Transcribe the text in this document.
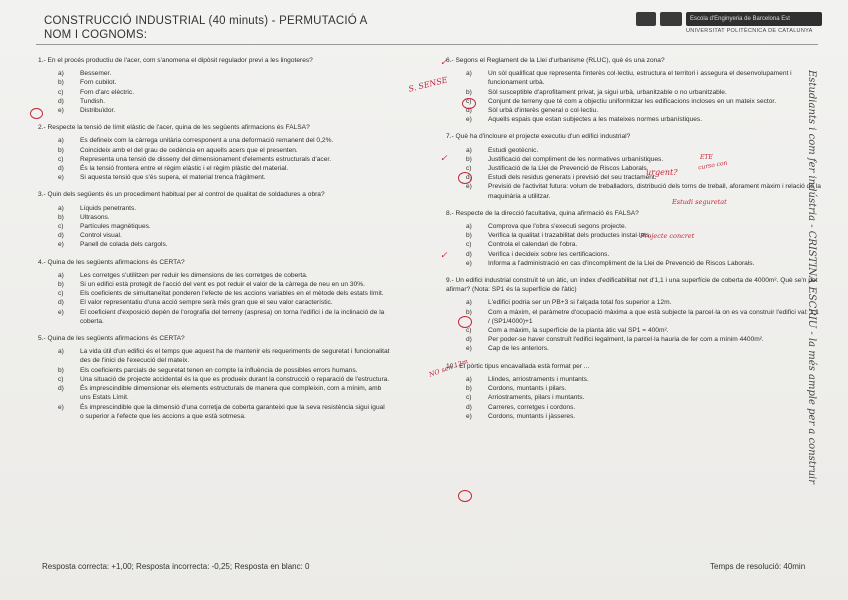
CONSTRUCCIÓ INDUSTRIAL (40 minuts) - PERMUTACIÓ A
NOM I COGNOMS:
Escola d'Enginyeria de Barcelona Est
UNIVERSITAT POLITÈCNICA DE CATALUNYA
1.- En el procés productiu de l'acer, com s'anomena el dipòsit regulador previ a les lingoteres?
a)	Bessemer.
b)	Forn cubilot.
c)	Forn d'arc elèctric.
d)	Tundish.
e)	Distribuïdor.
2.- Respecte la tensió de límit elàstic de l'acer, quina de les següents afirmacions és FALSA?
a)	Es defineix com la càrrega unitària corresponent a una deformació remanent del 0,2%.
b)	Coincideix amb el del grau de cedència en aquells acers que el presenten.
c)	Representa una tensió de disseny del dimensionament d'elements estructurals d'acer.
d)	És la tensió frontera entre el règim elàstic i el règim plàstic del material.
e)	Si aquesta tensió que s'és supera, el material trenca fràgilment.
3.- Quin dels següents és un procediment habitual per al control de qualitat de soldadures a obra?
a)	Líquids penetrants.
b)	Ultrasons.
c)	Partícules magnètiques.
d)	Control visual.
e)	Panell de colada dels cargols.
4.- Quina de les següents afirmacions és CERTA?
a)	Les corretges s'utilitzen per reduir les dimensions de les corretges de coberta.
b)	Si un edifici està protegit de l'acció del vent es pot reduir el valor de la càrrega de neu en un 30%.
c)	Els coeficients de simultaneïtat ponderen l'efecte de les accions variables en el mètode dels estats límit.
d)	El valor representatiu d'una acció sempre serà més gran que el seu valor característic.
e)	El coeficient d'exposició depèn de l'orografia del terreny (aspresa) on torna l'edifici i de la inclinació de la coberta.
5.- Quina de les següents afirmacions és CERTA?
a)	La vida útil d'un edifici és el temps que aquest ha de mantenir els requeriments de seguretat i funcionalitat des de l'inici de l'execució del mateix.
b)	Els coeficients parcials de seguretat tenen en compte la influència de possibles errors humans.
c)	Una situació de projecte accidental és la que es produeix durant la construcció o reparació de l'estructura.
d)	És imprescindible dimensionar els elements estructurals de manera que compleixin, com a mínim, amb uns Estats Límit.
e)	És imprescindible que la dimensió d'una corretja de coberta garanteixi que la seva resistència sigui igual o superior a l'efecte que les accions a que està sotmesa.
6.- Segons el Reglament de la Llei d'urbanisme (RLUC), què és una zona?
a)	Un sòl qualificat que representa l'interès col·lectiu, estructura el territori i assegura el desenvolupament i funcionament urbà.
b)	Sòl susceptible d'aprofitament privat, ja sigui urbà, urbanitzable o no urbanitzable.
c)	Conjunt de terreny que té com a objectiu uniformitzar les edificacions incloses en un mateix sector.
d)	Sòl urbà d'interès general o col·lectiu.
e)	Aquells espais que estan subjectes a les mateixes normes urbanístiques.
7.- Què ha d'incloure el projecte executiu d'un edifici industrial?
a)	Estudi geotècnic.
b)	Justificació del compliment de les normatives urbanístiques.
c)	Justificació de la Llei de Prevenció de Riscos Laborals.
d)	Estudi dels residus generats i previsió del seu tractament.
e)	Previsió de l'activitat futura: volum de treballadors, distribució dels torns de treball, aforament màxim i relació de la maquinària a utilitzar.
8.- Respecte de la direcció facultativa, quina afirmació és FALSA?
a)	Comprova que l'obra s'executi segons projecte.
b)	Verifica la qualitat i trazabilitat dels productes instal·lats.
c)	Controla el calendari de l'obra.
d)	Verifica i decideix sobre les certificacions.
e)	Informa a l'administració en cas d'incompliment de la Llei de Prevenció de Riscos Laborals.
9.- Un edifici industrial construït té un àtic, un índex d'edificabilitat net d'1,1 i una superfície de coberta de 4000m². Què se'n pot afirmar? (Nota: SP1 és la superfície de l'àtic)
a)	L'edifici podria ser un PB+3 si l'alçada total fos superior a 12m.
b)	Com a màxim, el paràmetre d'ocupació màxima a que està subjecte la parcel·la on es va construir l'edifici val: 1,1 / (SP1/4000)+1
c)	Com a màxim, la superfície de la planta àtic val SP1 = 400m².
d)	Per poder-se haver construït l'edifici legalment, la parcel·la hauria de fer com a mínim 4400m².
e)	Cap de les anteriors.
10.- El pòrtic tipus encavallada està format per ...
a)	Llindes, arriostraments i muntants.
b)	Cordons, muntants i pilars.
c)	Arriostraments, pilars i muntants.
d)	Carreres, corretges i cordons.
e)	Cordons, muntants i jàsseres.
Resposta correcta: +1,00; Resposta incorrecta: -0,25; Resposta en blanc: 0	Temps de resolució: 40min
S. SENSE
✓
✓
urgent?
ETE
curso con
Estudi seguretat
Projecte concret
✓
NO sen 12m	Estudiants i com fer indústria - CRISTINA ESCRIU - la més ample per a construir
